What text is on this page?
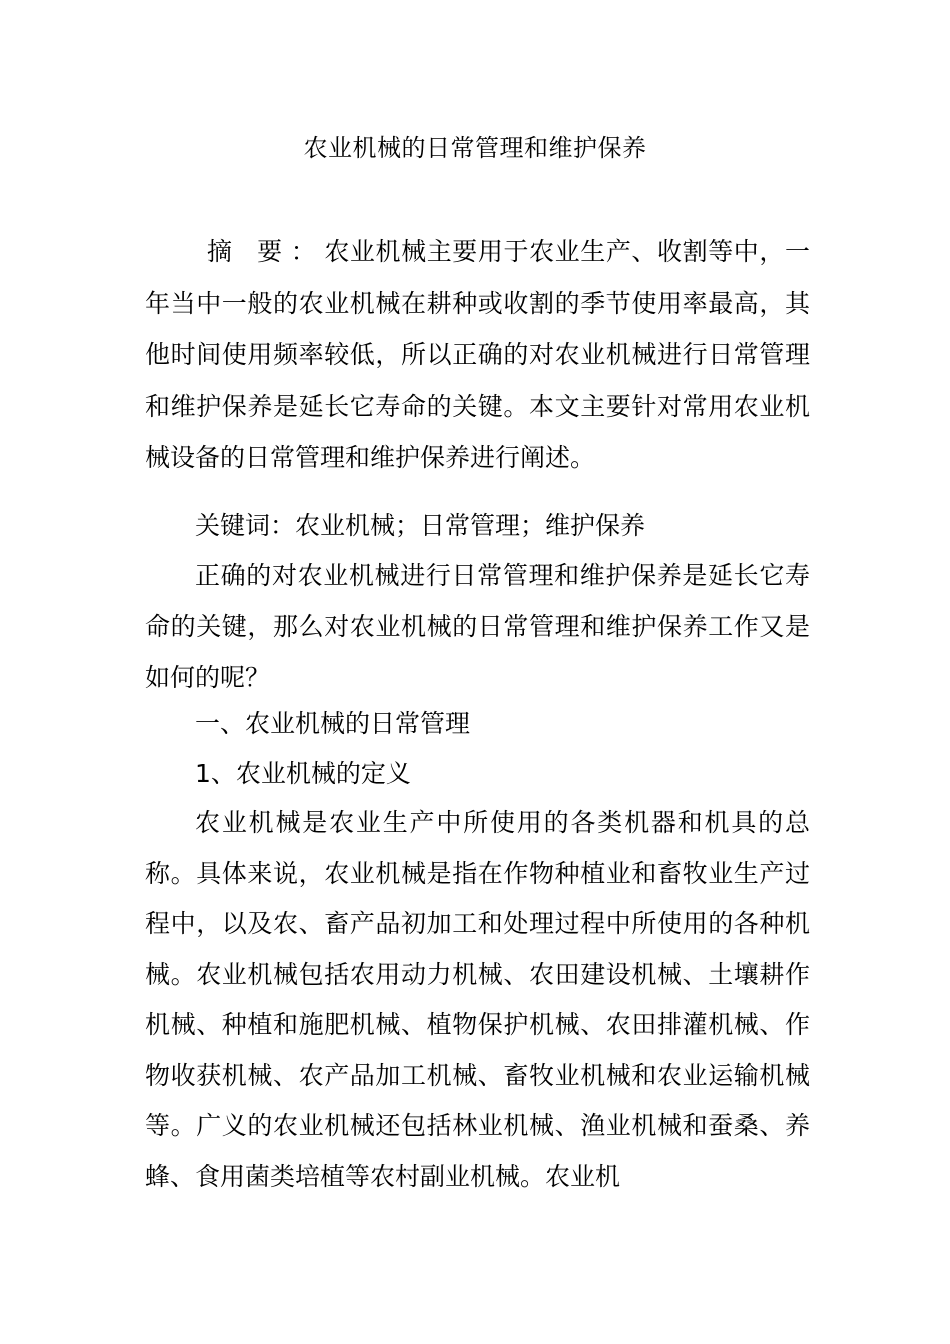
农业机械的日常管理和维护保养
摘 要：农业机械主要用于农业生产、收割等中，一年当中一般的农业机械在耕种或收割的季节使用率最高，其他时间使用频率较低，所以正确的对农业机械进行日常管理和维护保养是延长它寿命的关键。本文主要针对常用农业机械设备的日常管理和维护保养进行阐述。
关键词：农业机械；日常管理；维护保养
正确的对农业机械进行日常管理和维护保养是延长它寿命的关键，那么对农业机械的日常管理和维护保养工作又是如何的呢？
一、农业机械的日常管理
1、农业机械的定义
农业机械是农业生产中所使用的各类机器和机具的总称。具体来说，农业机械是指在作物种植业和畜牧业生产过程中，以及农、畜产品初加工和处理过程中所使用的各种机械。农业机械包括农用动力机械、农田建设机械、土壤耕作机械、种植和施肥机械、植物保护机械、农田排灌机械、作物收获机械、农产品加工机械、畜牧业机械和农业运输机械等。广义的农业机械还包括林业机械、渔业机械和蚕桑、养蜂、食用菌类培植等农村副业机械。农业机
